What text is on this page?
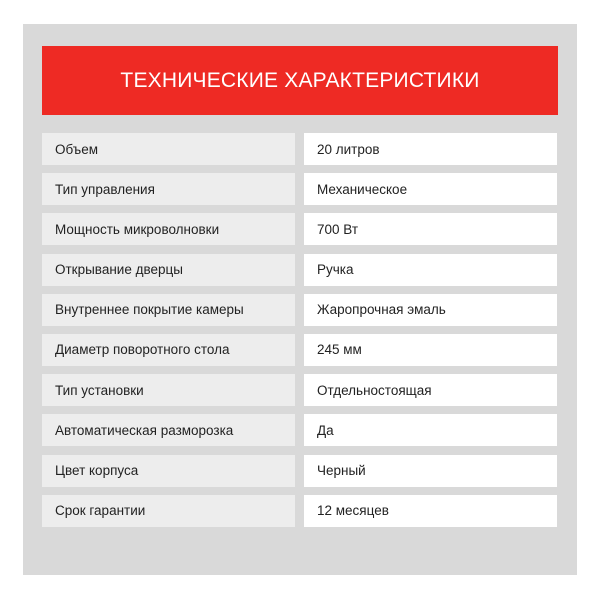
ТЕХНИЧЕСКИЕ ХАРАКТЕРИСТИКИ
Объем	20 литров
Тип управления	Механическое
Мощность микроволновки	700 Вт
Открывание дверцы	Ручка
Внутреннее покрытие камеры	Жаропрочная эмаль
Диаметр поворотного стола	245 мм
Тип установки	Отдельностоящая
Автоматическая разморозка	Да
Цвет корпуса	Черный
Срок гарантии	12 месяцев
